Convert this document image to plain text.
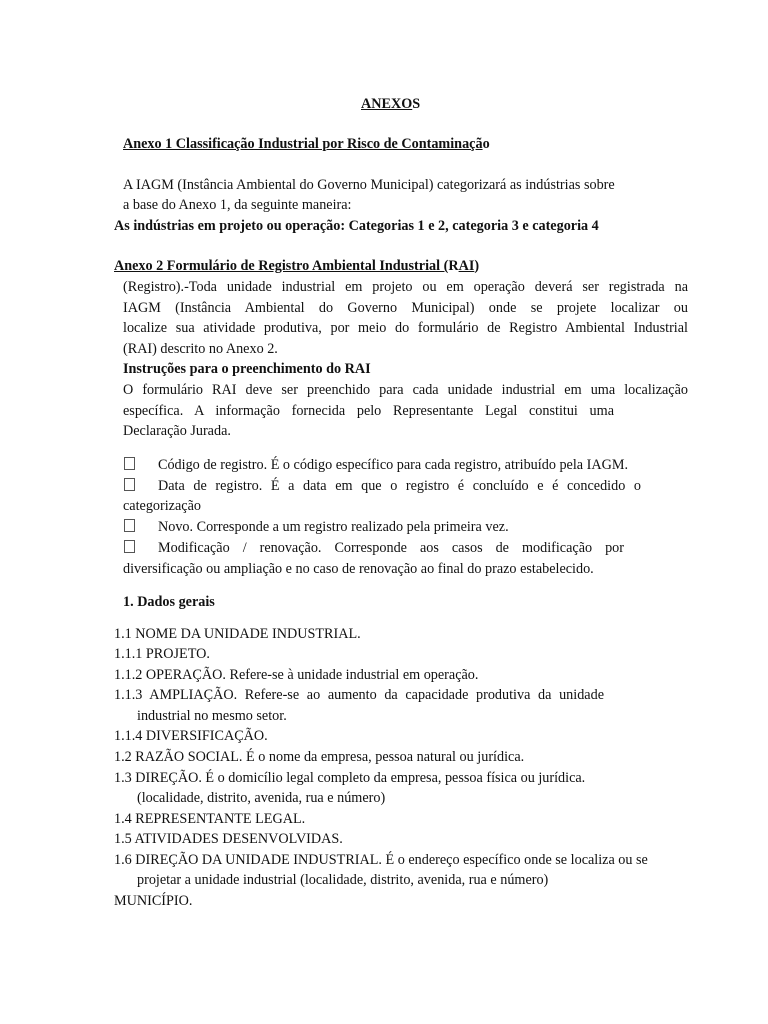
ANEXOS
Anexo 1 Classificação Industrial por Risco de Contaminação
A IAGM (Instância Ambiental do Governo Municipal) categorizará as indústrias sobre
a base do Anexo 1, da seguinte maneira:
As indústrias em projeto ou operação: Categorias 1 e 2, categoria 3 e categoria 4
Anexo 2 Formulário de Registro Ambiental Industrial (RAI)
(Registro).-Toda unidade industrial em projeto ou em operação deverá ser registrada na
IAGM (Instância Ambiental do Governo Municipal) onde se projete localizar ou
localize sua atividade produtiva, por meio do formulário de Registro Ambiental Industrial
(RAI) descrito no Anexo 2.
Instruções para o preenchimento do RAI
O formulário RAI deve ser preenchido para cada unidade industrial em uma localização
específica. A informação fornecida pelo Representante Legal constitui uma
Declaração Jurada.
Código de registro. É o código específico para cada registro, atribuído pela IAGM.
Data de registro. É a data em que o registro é concluído e é concedido o
categorização
Novo. Corresponde a um registro realizado pela primeira vez.
Modificação / renovação. Corresponde aos casos de modificação por
diversificação ou ampliação e no caso de renovação ao final do prazo estabelecido.
1. Dados gerais
1.1 NOME DA UNIDADE INDUSTRIAL.
1.1.1 PROJETO.
1.1.2 OPERAÇÃO. Refere-se à unidade industrial em operação.
1.1.3 AMPLIAÇÃO. Refere-se ao aumento da capacidade produtiva da unidade
industrial no mesmo setor.
1.1.4 DIVERSIFICAÇÃO.
1.2 RAZÃO SOCIAL. É o nome da empresa, pessoa natural ou jurídica.
1.3 DIREÇÃO. É o domicílio legal completo da empresa, pessoa física ou jurídica.
(localidade, distrito, avenida, rua e número)
1.4 REPRESENTANTE LEGAL.
1.5 ATIVIDADES DESENVOLVIDAS.
1.6 DIREÇÃO DA UNIDADE INDUSTRIAL. É o endereço específico onde se localiza ou se
projetar a unidade industrial (localidade, distrito, avenida, rua e número)
MUNICÍPIO.
